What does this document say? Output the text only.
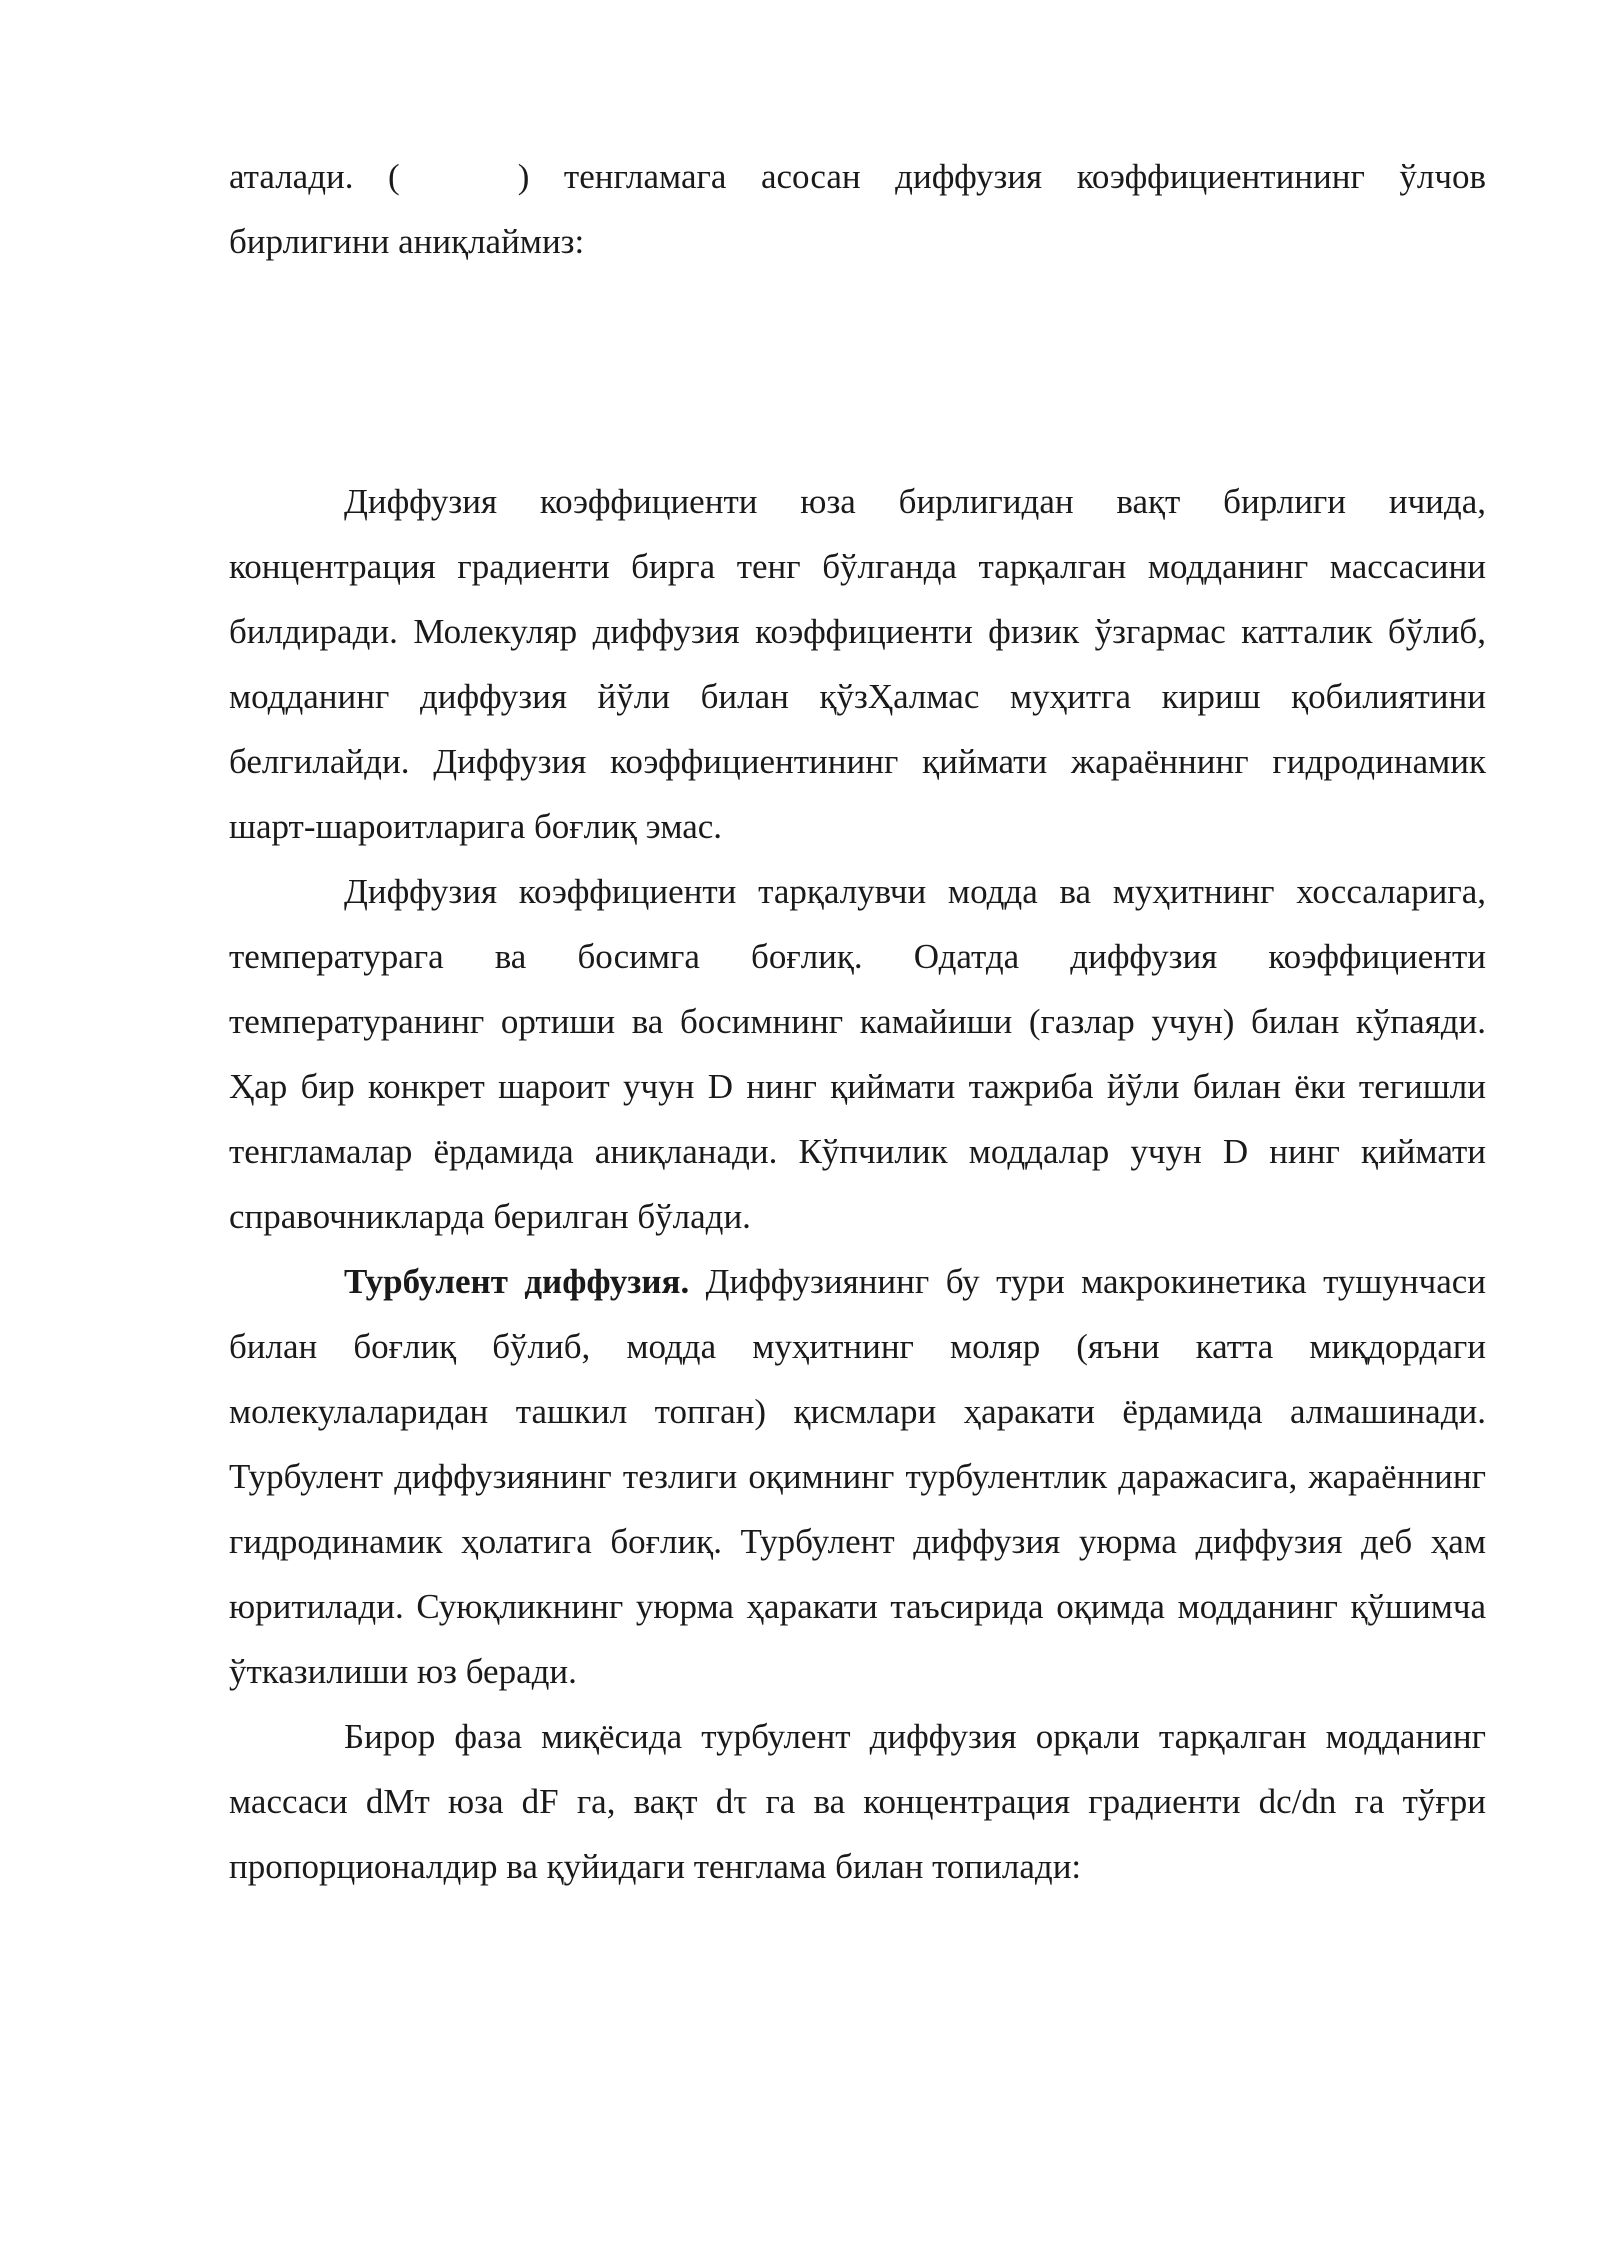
аталади. (	) тенгламага асосан диффузия коэффициентининг ўлчов бирлигини аниқлаймиз:

Диффузия коэффициенти юза бирлигидан вақт бирлиги ичида, концентрация градиенти бирга тенг бўлганда тарқалган модданинг массасини билдиради. Молекуляр диффузия коэффициенти физик ўзгармас катталик бўлиб, модданинг диффузия йўли билан қўзҲалмас муҳитга кириш қобилиятини белгилайди. Диффузия коэффициентининг қиймати жараённинг гидродинамик шарт-шароитларига боғлиқ эмас.

Диффузия коэффициенти тарқалувчи модда ва муҳитнинг хоссаларига, температурага ва босимга боғлиқ. Одатда диффузия коэффициенти температуранинг ортиши ва босимнинг камайиши (газлар учун) билан кўпаяди. Ҳар бир конкрет шароит учун D нинг қиймати тажриба йўли билан ёки тегишли тенгламалар ёрдамида аниқланади. Кўпчилик моддалар учун D нинг қиймати справочникларда берилган бўлади.

Турбулент диффузия. Диффузиянинг бу тури макрокинетика тушунчаси билан боғлиқ бўлиб, модда муҳитнинг моляр (яъни катта миқдордаги молекулаларидан ташкил топган) қисмлари ҳаракати ёрдамида алмашинади. Турбулент диффузиянинг тезлиги оқимнинг турбулентлик даражасига, жараённинг гидродинамик ҳолатига боғлиқ. Турбулент диффузия уюрма диффузия деб ҳам юритилади. Суюқликнинг уюрма ҳаракати таъсирида оқимда модданинг қўшимча ўтказилиши юз беради.

Бирор фаза миқёсида турбулент диффузия орқали тарқалган модданинг массаси dMт юза dF га, вақт dτ га ва концентрация градиенти dc/dn га тўғри пропорционалдир ва қуйидаги тенглама билан топилади:
